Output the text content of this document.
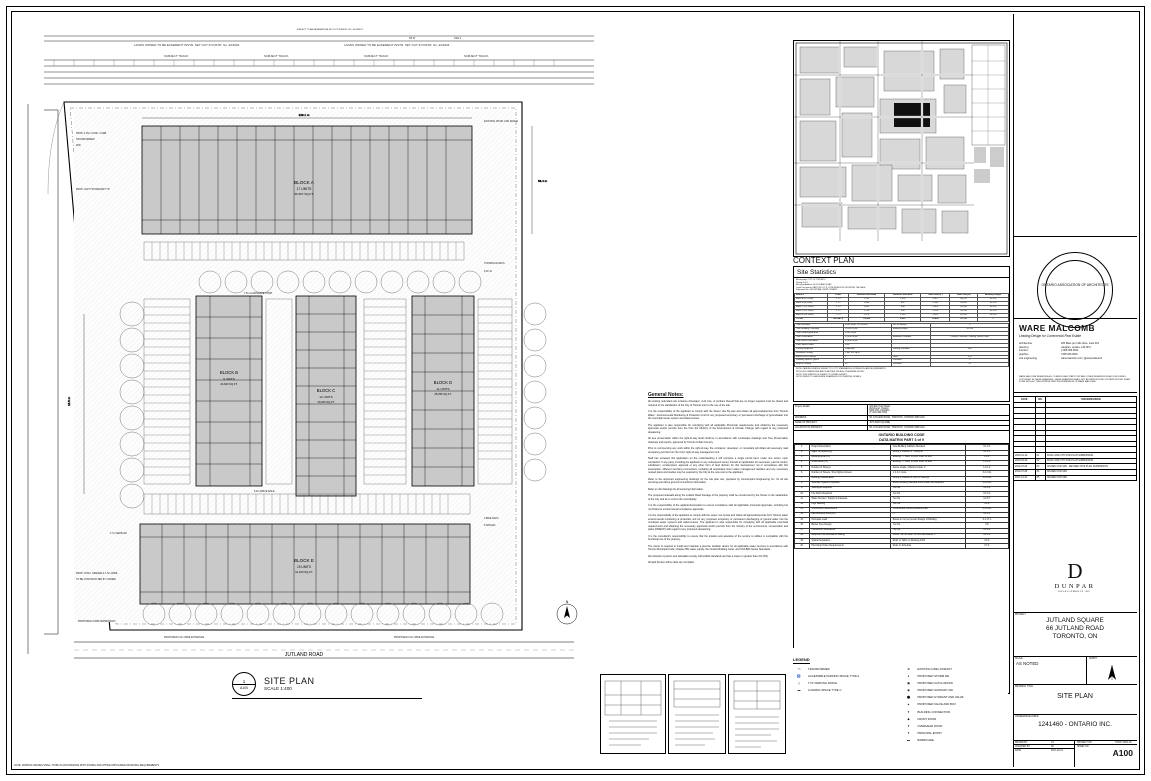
SUBJECT TO AN EASEMENT AS SET OUT IN INSTR. NO. 66 DIRECT
SUBJECT TRACK	SUBJECT TRACK	SUBJECT TRACK	SUBJECT TRACK
LANDS OWNED TO BE EASEMENT INSTR. SET OUT IN INSTR. No. EX2946	LANDS OWNED TO BE EASEMENT INSTR. SET OUT IN INSTR. No. EX2946
66 R	229.1
BLOCK A
17 UNITS
46,357 SQ.FT.
BLOCK B
9 UNITS
24,620 SQ.FT.
BLOCK C
12 UNITS
30,180 SQ.FT.
BLOCK D
11 UNITS
28,780 SQ.FT.
BLOCK E
15 UNITS
41,220 SQ.FT.
JUTLAND ROAD
229.1 m
66.4 m
18.5 m
PROP. 0.15m CONC. CURB
TRANSFORMER
PAD
PROP. LIGHT STANDARD TYP.
EXISTING CHAIN LINK FENCE
TURNING RADIUS
9.0m R
3 BIKE RACK
8 SPACES
PROP. CONC. SIDEWALK 1.5m WIDE
TO BE CONSTRUCTED BY OWNER
PROPOSED 9.0m WIDE ENTRANCE	PROPOSED 9.0m WIDE ENTRANCE
PROPOSED CURB DEPRESSION
7.5m LANDSCAPE STRIP
6.0m DRIVE AISLE
2.7m SETBACK
N
1
A100
SITE PLAN
SCALE 1:400
CONTEXT PLAN
Site Statistics
Municipality: CITY OF TORONTO
Zoning: E 1.0
Municipal Address: 66 JUTLAND ROAD
Legal Description: PART OF LOT 8, CONCESSION B, FRONTING THE LAKE
Proposed Use: INDUSTRIAL / EMPLOYMENT
Block #	Level	Ground Floor Area	Second Floor Area	Total GFA (m²)	Total GFA (sf)	Building Height
Block A (17 Units)	1 + 2	2,781	1,526	4,307	46,357	10.5 m
Block B (9 Units)	1 + 2	1,484	802	2,286	24,620	10.5 m
Block C (12 Units)	1 + 2	1,805	998	2,803	30,180	10.5 m
Block D (11 Units)	1 + 2	1,720	954	2,674	28,780	10.5 m
Block E (15 Units)	1 + 2	2,474	1,355	3,829	41,220	10.5 m
TOTAL	64 UNITS	10,264	5,635	15,899	171,157	—
Total Site Area	4,063 sq.m. (1.0 acres)	No. of Storeys	2
Total Building Coverage	10,264 SQM	Building Height	10.5 M
Total Landscaped Area	3,180 SQM		
Total Paved Area	22,430 SQM	Materials Provided	Precast Concrete, Glazing, Metal Panel
Total Gross Floor Area	15,899 SQM		
Floor Space Index	0.39		
Parking Required	Proposed	Parking Provided	246
Standard Parking	1 per 100 sq.m.		
Barrier Free Parking	7	Total	253
Loading Spaces Type B	2	Provided	2
Bicycle Parking	32	Provided	32
NOTE: PARKING SPACES SUBJECT TO CITY STANDARDS & ZONING BY-LAW REQUIREMENTS.
NOTE: ALL DIMENSIONS ARE IN METRES UNLESS OTHERWISE NOTED.
NOTE: SITE STATISTICS SUBJECT TO FINAL SURVEY.
NOTE: REFER TO LANDSCAPE DRAWINGS FOR PLANTING DETAILS.
General Notes:

All existing redundant site entrance driveways, curb cuts, or portions thereof that are no longer required must be closed and restored to the satisfaction of the City of Toronto prior to the use of the site.

It is the responsibility of the applicant to comply with the Sewer Use By-Law and obtain all approvals/permits from Toronto Water - Environmental Monitoring & Protection Unit for any proposed temporary or permanent discharge of groundwater into the municipal sewer system and watercourses.

The applicant is also responsible for complying with all applicable Provincial requirements and obtaining the necessary approvals and/or permits from the from the Ministry of the Environment & Climate Change with regard to any proposed dewatering.

All tree preservation within the right-of-way lands shall be in accordance with Landscape drawings and Tree Preservation drawings and reports, approved by Toronto Urban Forestry.

Prior to commencing any work within the right-of-way, the contractor, developer, or consultant will obtain all necessary road occupancy permits from the City's right-of-way management unit.

Staff has reviewed this application on the understanding it will comprise a single permit land, under one owner, upon completion. If any party, including the applicant or any subsequent owner, intends an application for severance, part lot control, subdivision, condominium approval or any other form of land division for this development not in accordance with this assumption, different servicing connections, including all associated storm water management facilities and any necessary revised plans and studies may be required by the City at the sole cost to the applicant.

Refer to the approved engineering drawings for the site plan site, prepared by Counterpoint Engineering Inc. for all site servicing and above ground connections information.

Refer to civil drawings for all servicing information.

The proposed sidewalk along the Jutland Road frontage of the property shall be constructed by the Owner to the satisfaction of the City and at no cost to the municipality.

It is the responsibility of the applicant/consultant to ensure compliance with all applicable provincial approvals, including but not limited to environmental compliance approvals.

It is the responsibility of the applicant to comply with the sewer use by-law and obtain all approvals/permits from Toronto water environmental monitoring & protection unit for any proposed temporary or permanent discharging of ground water into the municipal sewer systems and watercourses. The applicant is also responsible for complying with all applicable provincial requirements and obtaining the necessary approvals and/or permits from the ministry of the environment, conservation and parks (MOECP) with regard to any proposed dewatering.

It is the consultant's responsibility to ensure that the location and elevation of the service to utilities is compatible with the functional use of the property.

The owner is required to install and maintain a premise isolation device for all applicable water services in accordance with Toronto Municipal Code, Chapter 851 water supply, the Ontario Building Code, and CSA B64 Series Standards.

All protection systems and sidewalks comply with AODA standards and has a slope no greater than 2% (5%).

All light fixtures will be dark sky compliant.

Project Details	100 Elm Point Road
Richmond, Ontario
M8Z 2H3, CANADA
(T) 416.599.7600
ADDRESS:	66 JUTLAND ROAD, TORONTO, ONTARIO M8Z 2G9
NAME OF PROJECT:	JUTLAND SQUARE
LOCATION OF PROJECT:	66 JUTLAND ROAD, TORONTO, ONTARIO M8Z 2G9
ONTARIO BUILDING CODE
DATA MATRIX PART 3 of 9
1.	Project Description	New Building Addition Alteration	3.1.2.1.
2.	Major Occupancy(s)	Group F, Division 3 / Group E	3.1.2.1.
3.	Building Area (m²)	Existing: — New: 10,264 Total: 10,264	1.1.2.
4.	Gross Area (m²)	Existing: — New: 15,899 Total: 15,899	1.4.1.2.
5.	Number of Storeys	Above Grade: 2 Below Grade: 0	1.4.1.2.
6.	Number of Streets / Fire Fighter Access	1 2 3 or more	3.2.2.10.
7.	Building Classification	Group F, Division 3, up to 2 Storeys	3.2.2.20.
8.	Sprinkler System Proposed	Entire Building Selected Floor Areas Not Required	3.2.2.20.
9.	Standpipe Required	Yes No	3.2.9.1.
10.	Fire Alarm Required	Yes No	3.2.4.1.
11.	Water Service / Supply is Adequate	Yes No	3.2.5.7.
12.	High Building	Yes No	3.2.6.
13.	Construction Restrictions	Combustible Noncombustible Both	3.2.2.20.
14.	Mezzanine(s) Area (m²)	—	3.2.1.1.
15.	Occupant Load	Based on m² per person Design of Building	3.1.17.1.
16.	Barrier Free Design	Yes No	3.8.
17.	Hazardous Substances	Yes No	3.3.1.2.
18.	Required Fire Resistance Rating	Floors: 45 min Roof: 45 min Mezzanine: —	3.2.1.4.
19.	Spatial Separation	Refer to Table on Drawing A101	3.2.3.
20.	Plumbing Fixture Requirements	Refer to Schedule	3.7.4.
LEGEND
▭	TRANSFORMER
♿	ACCESSIBLE PARKING SPACE TYPE A
▯	TYP. PARKING SPACE
▬	LOADING SPACE TYPE C
⊗	EXISTING FIRE HYDRANT
●	PROPOSED STORM MH
▣	PROPOSED CATCH BASIN
◉	PROPOSED SANITARY MH
⬤	PROPOSED HYDRANT AND VALVE
▲	PROPOSED VALVE AND BOX
▼	BUILDING CONNECTION
◆	FRONT DOOR
▼	OVERHEAD DOOR
▼	PRINCIPAL ENTRY
▬	BARRICADE
NOTE: PARKING SPACES SHALL TO BE IN ACCORDANCE WITH ZONING AND OTHER APPLICABLE MUNICIPAL REQUIREMENTS
ONTARIO ASSOCIATION OF ARCHITECTS
WARE MALCOMB
Leading Design for Commercial Real Estate
architecture
planning
interiors
graphics
civil engineering
180 Bass pro mills drive, suite 301
vaughan, ontario, L4K 0H1
p 905.366.3521
f 905.636.0516
waremalcomb.com | @waremalcomb
WARE MALCOMB RESERVES ALL COMMON LAW, STATUTORY AND OTHER RESERVED RIGHTS INCLUDING COPYRIGHT IN THESE DRAWINGS. THESE DRAWINGS SHALL NOT BE REPRODUCED OR REPRODUCED IN ANY FORM WITHOUT THE EXPRESS WRITTEN PERMISSION OF WARE MALCOMB.
DATE	NO.	ISSUE/REVISION

2020-01-10	01	ROAC AND 4TH SITE PLAN SUBMISSION
2020-03-20	02	ROAC AND 4TH SITE PLAN SUBMISSION
2019-07-03	03	ISSUED FOR SPA - REVISED SITE PLAN SUBMISSION
2019-07-08	04	ISSUED FOR SPA
2017-12-21	05	ISSUED FOR SPA
D
DUNPAR
DEVELOPMENTS INC.
PROJECT
JUTLAND SQUARE
66 JUTLAND ROAD
TORONTO, ON
SCALE
AS NOTED
NORTH
DRAWING TITLE
SITE PLAN
OWNER/DEVELOPER
1241460 - ONTARIO INC.
DRAWN BY	LS
CHECKED BY	AF
DATE	2017-12-21
PROJECT NO	TOR17-0021-00
SHEET NO
A100
